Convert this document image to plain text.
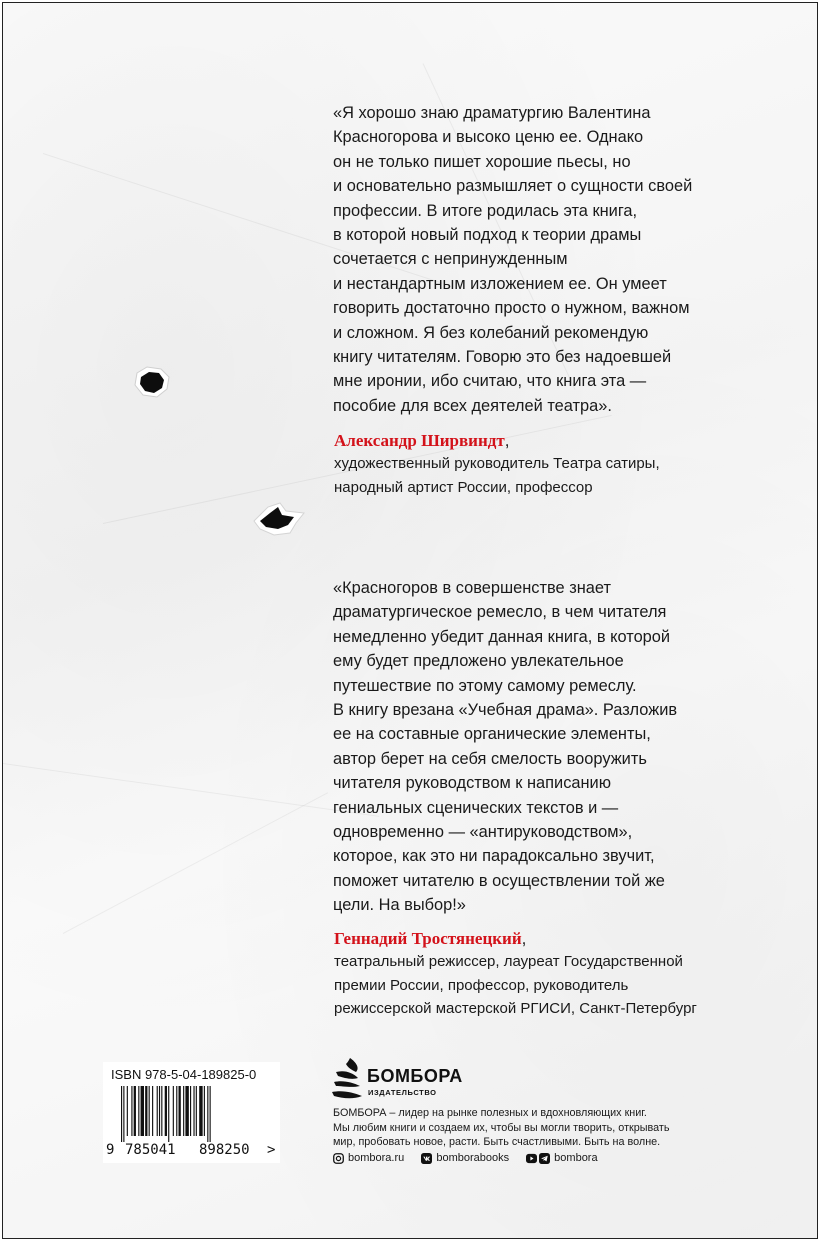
«Я хорошо знаю драматургию Валентина
Красногорова и высоко ценю ее. Однако
он не только пишет хорошие пьесы, но
и основательно размышляет о сущности своей
профессии. В итоге родилась эта книга,
в которой новый подход к теории драмы
сочетается с непринужденным
и нестандартным изложением ее. Он умеет
говорить достаточно просто о нужном, важном
и сложном. Я без колебаний рекомендую
книгу читателям. Говорю это без надоевшей
мне иронии, ибо считаю, что книга эта —
пособие для всех деятелей театра».

Александр Ширвиндт,
художественный руководитель Театра сатиры,
народный артист России, профессор

«Красногоров в совершенстве знает
драматургическое ремесло, в чем читателя
немедленно убедит данная книга, в которой
ему будет предложено увлекательное
путешествие по этому самому ремеслу.
В книгу врезана «Учебная драма». Разложив
ее на составные органические элементы,
автор берет на себя смелость вооружить
читателя руководством к написанию
гениальных сценических текстов и —
одновременно — «антируководством»,
которое, как это ни парадоксально звучит,
поможет читателю в осуществлении той же
цели. На выбор!»

Геннадий Тростянецкий,
театральный режиссер, лауреат Государственной
премии России, профессор, руководитель
режиссерской мастерской РГИСИ, Санкт-Петербург
ISBN 978-5-04-189825-0
9 785041 898250 >
БОМБОРА
ИЗДАТЕЛЬСТВО
БОМБОРА – лидер на рынке полезных и вдохновляющих книг.
Мы любим книги и создаем их, чтобы вы могли творить, открывать
мир, пробовать новое, расти. Быть счастливыми. Быть на волне.
bombora.ru
	bomborabooks
	bombora
